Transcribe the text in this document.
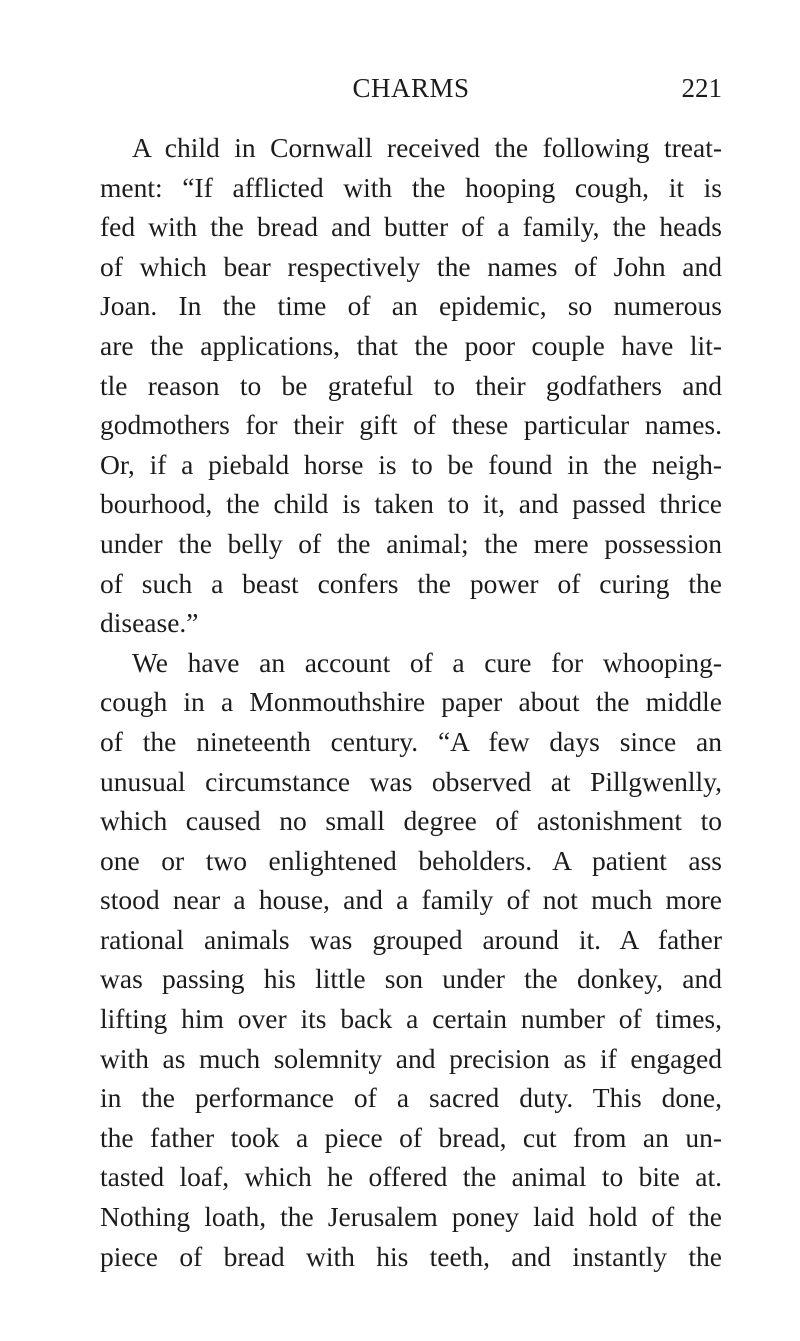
CHARMS	221
A child in Cornwall received the following treat-
ment: “If afflicted with the hooping cough, it is
fed with the bread and butter of a family, the heads
of which bear respectively the names of John and
Joan. In the time of an epidemic, so numerous
are the applications, that the poor couple have lit-
tle reason to be grateful to their godfathers and
godmothers for their gift of these particular names.
Or, if a piebald horse is to be found in the neigh-
bourhood, the child is taken to it, and passed thrice
under the belly of the animal; the mere possession
of such a beast confers the power of curing the
disease.”
We have an account of a cure for whooping-
cough in a Monmouthshire paper about the middle
of the nineteenth century. “A few days since an
unusual circumstance was observed at Pillgwenlly,
which caused no small degree of astonishment to
one or two enlightened beholders. A patient ass
stood near a house, and a family of not much more
rational animals was grouped around it. A father
was passing his little son under the donkey, and
lifting him over its back a certain number of times,
with as much solemnity and precision as if engaged
in the performance of a sacred duty. This done,
the father took a piece of bread, cut from an un-
tasted loaf, which he offered the animal to bite at.
Nothing loath, the Jerusalem poney laid hold of the
piece of bread with his teeth, and instantly the
